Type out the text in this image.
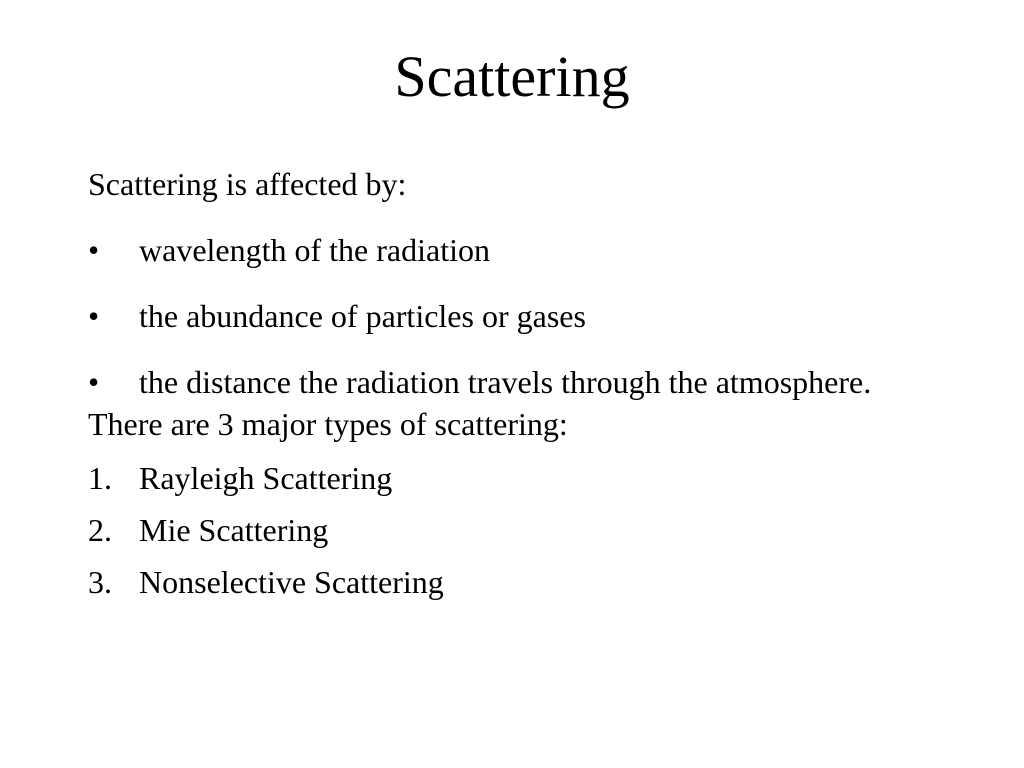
Scattering

Scattering is affected by:

• wavelength of the radiation
• the abundance of particles or gases
• the distance the radiation travels through the atmosphere.

There are 3 major types of scattering:

1. Rayleigh Scattering
2. Mie Scattering
3. Nonselective Scattering
